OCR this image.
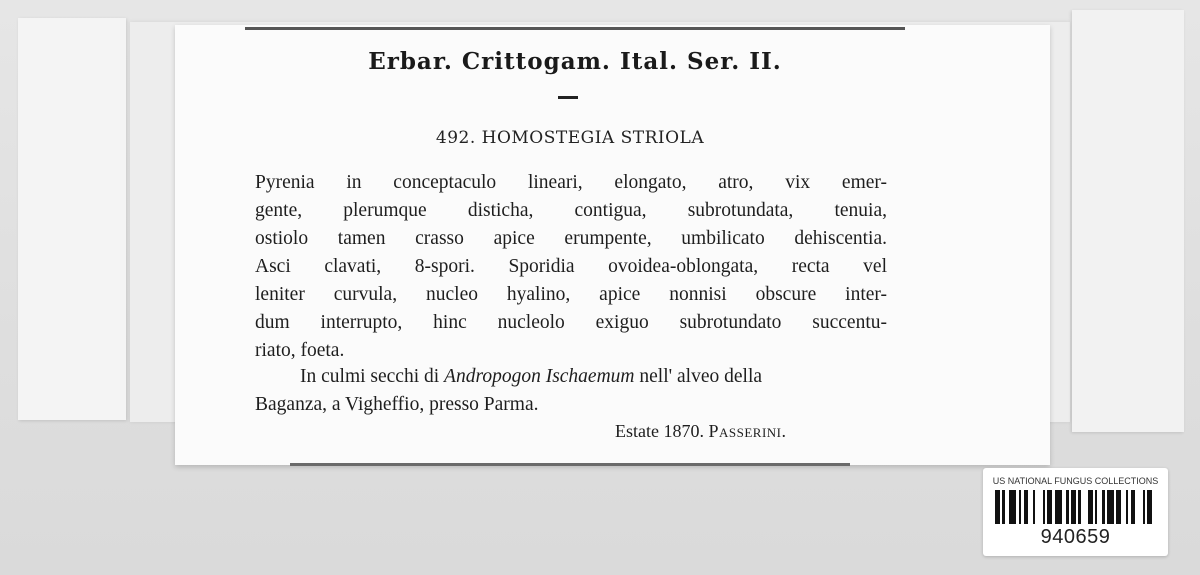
Erbar. Crittogam. Ital. Ser. II.
492. HOMOSTEGIA STRIOLA
Pyrenia in conceptaculo lineari, elongato, atro, vix emer-
gente, plerumque disticha, contigua, subrotundata, tenuia,
ostiolo tamen crasso apice erumpente, umbilicato dehiscentia.
Asci clavati, 8-spori. Sporidia ovoidea-oblongata, recta vel
leniter curvula, nucleo hyalino, apice nonnisi obscure inter-
dum interrupto, hinc nucleolo exiguo subrotundato succentu-
riato, foeta.
In culmi secchi di Andropogon Ischaemum nell' alveo della
Baganza, a Vigheffio, presso Parma.
Estate 1870. Passerini.
US NATIONAL FUNGUS COLLECTIONS
940659
